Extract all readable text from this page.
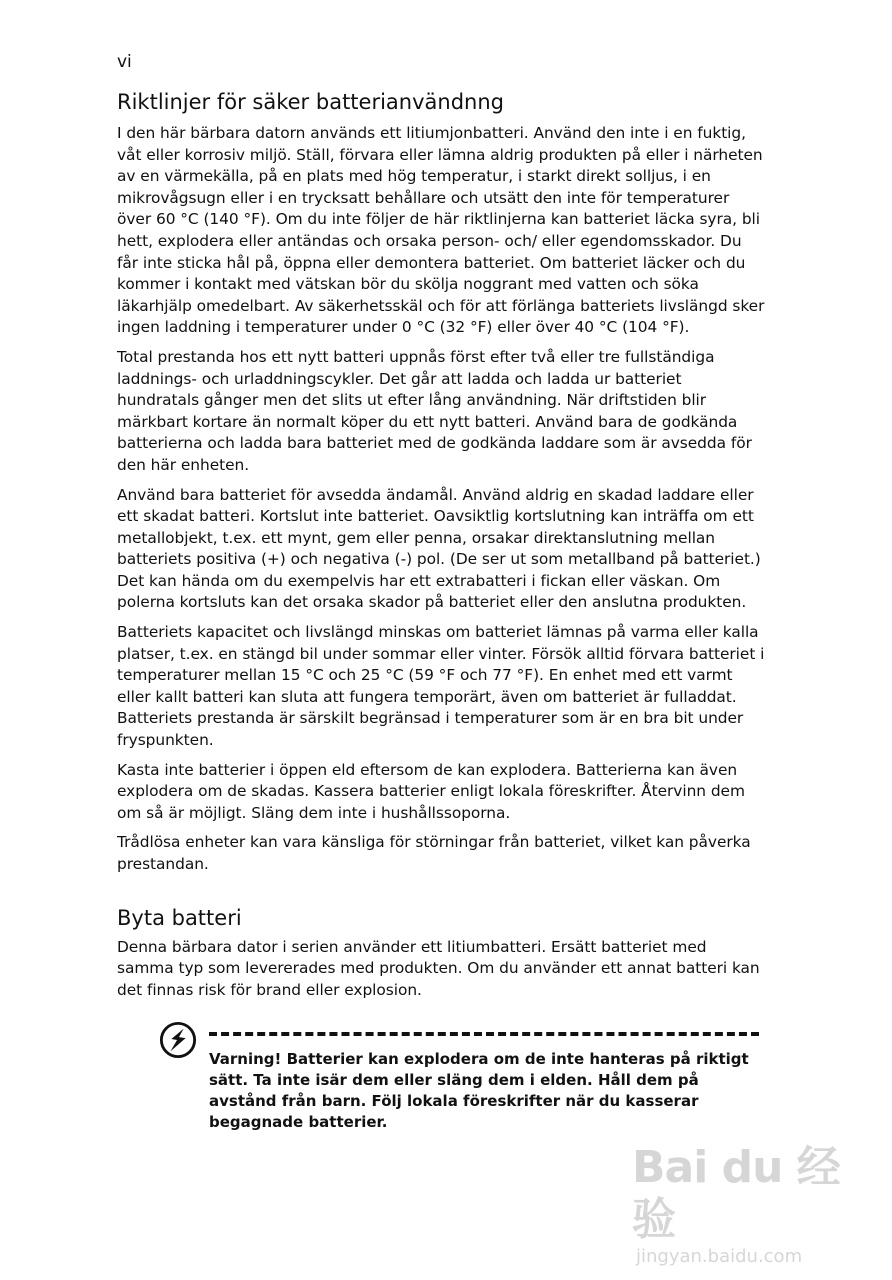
vi
Riktlinjer för säker batterianvändnng

I den här bärbara datorn används ett litiumjonbatteri. Använd den inte i en fuktig, våt eller korrosiv miljö. Ställ, förvara eller lämna aldrig produkten på eller i närheten av en värmekälla, på en plats med hög temperatur, i starkt direkt solljus, i en mikrovågsugn eller i en trycksatt behållare och utsätt den inte för temperaturer över 60 °C (140 °F). Om du inte följer de här riktlinjerna kan batteriet läcka syra, bli hett, explodera eller antändas och orsaka person- och/ eller egendomsskador. Du får inte sticka hål på, öppna eller demontera batteriet. Om batteriet läcker och du kommer i kontakt med vätskan bör du skölja noggrant med vatten och söka läkarhjälp omedelbart. Av säkerhetsskäl och för att förlänga batteriets livslängd sker ingen laddning i temperaturer under 0 °C (32 °F) eller över 40 °C (104 °F).

Total prestanda hos ett nytt batteri uppnås först efter två eller tre fullständiga laddnings- och urladdningscykler. Det går att ladda och ladda ur batteriet hundratals gånger men det slits ut efter lång användning. När driftstiden blir märkbart kortare än normalt köper du ett nytt batteri. Använd bara de godkända batterierna och ladda bara batteriet med de godkända laddare som är avsedda för den här enheten.

Använd bara batteriet för avsedda ändamål. Använd aldrig en skadad laddare eller ett skadat batteri. Kortslut inte batteriet. Oavsiktlig kortslutning kan inträffa om ett metallobjekt, t.ex. ett mynt, gem eller penna, orsakar direktanslutning mellan batteriets positiva (+) och negativa (-) pol. (De ser ut som metallband på batteriet.) Det kan hända om du exempelvis har ett extrabatteri i fickan eller väskan. Om polerna kortsluts kan det orsaka skador på batteriet eller den anslutna produkten.

Batteriets kapacitet och livslängd minskas om batteriet lämnas på varma eller kalla platser, t.ex. en stängd bil under sommar eller vinter. Försök alltid förvara batteriet i temperaturer mellan 15 °C och 25 °C (59 °F och 77 °F). En enhet med ett varmt eller kallt batteri kan sluta att fungera temporärt, även om batteriet är fulladdat. Batteriets prestanda är särskilt begränsad i temperaturer som är en bra bit under fryspunkten.

Kasta inte batterier i öppen eld eftersom de kan explodera. Batterierna kan även explodera om de skadas. Kassera batterier enligt lokala föreskrifter. Återvinn dem om så är möjligt. Släng dem inte i hushållssoporna.

Trådlösa enheter kan vara känsliga för störningar från batteriet, vilket kan påverka prestandan.

Byta batteri

Denna bärbara dator i serien använder ett litiumbatteri. Ersätt batteriet med samma typ som levererades med produkten. Om du använder ett annat batteri kan det finnas risk för brand eller explosion.

Varning! Batterier kan explodera om de inte hanteras på riktigt sätt. Ta inte isär dem eller släng dem i elden. Håll dem på avstånd från barn. Följ lokala föreskrifter när du kasserar begagnade batterier.
Bai du 经验
jingyan.baidu.com
